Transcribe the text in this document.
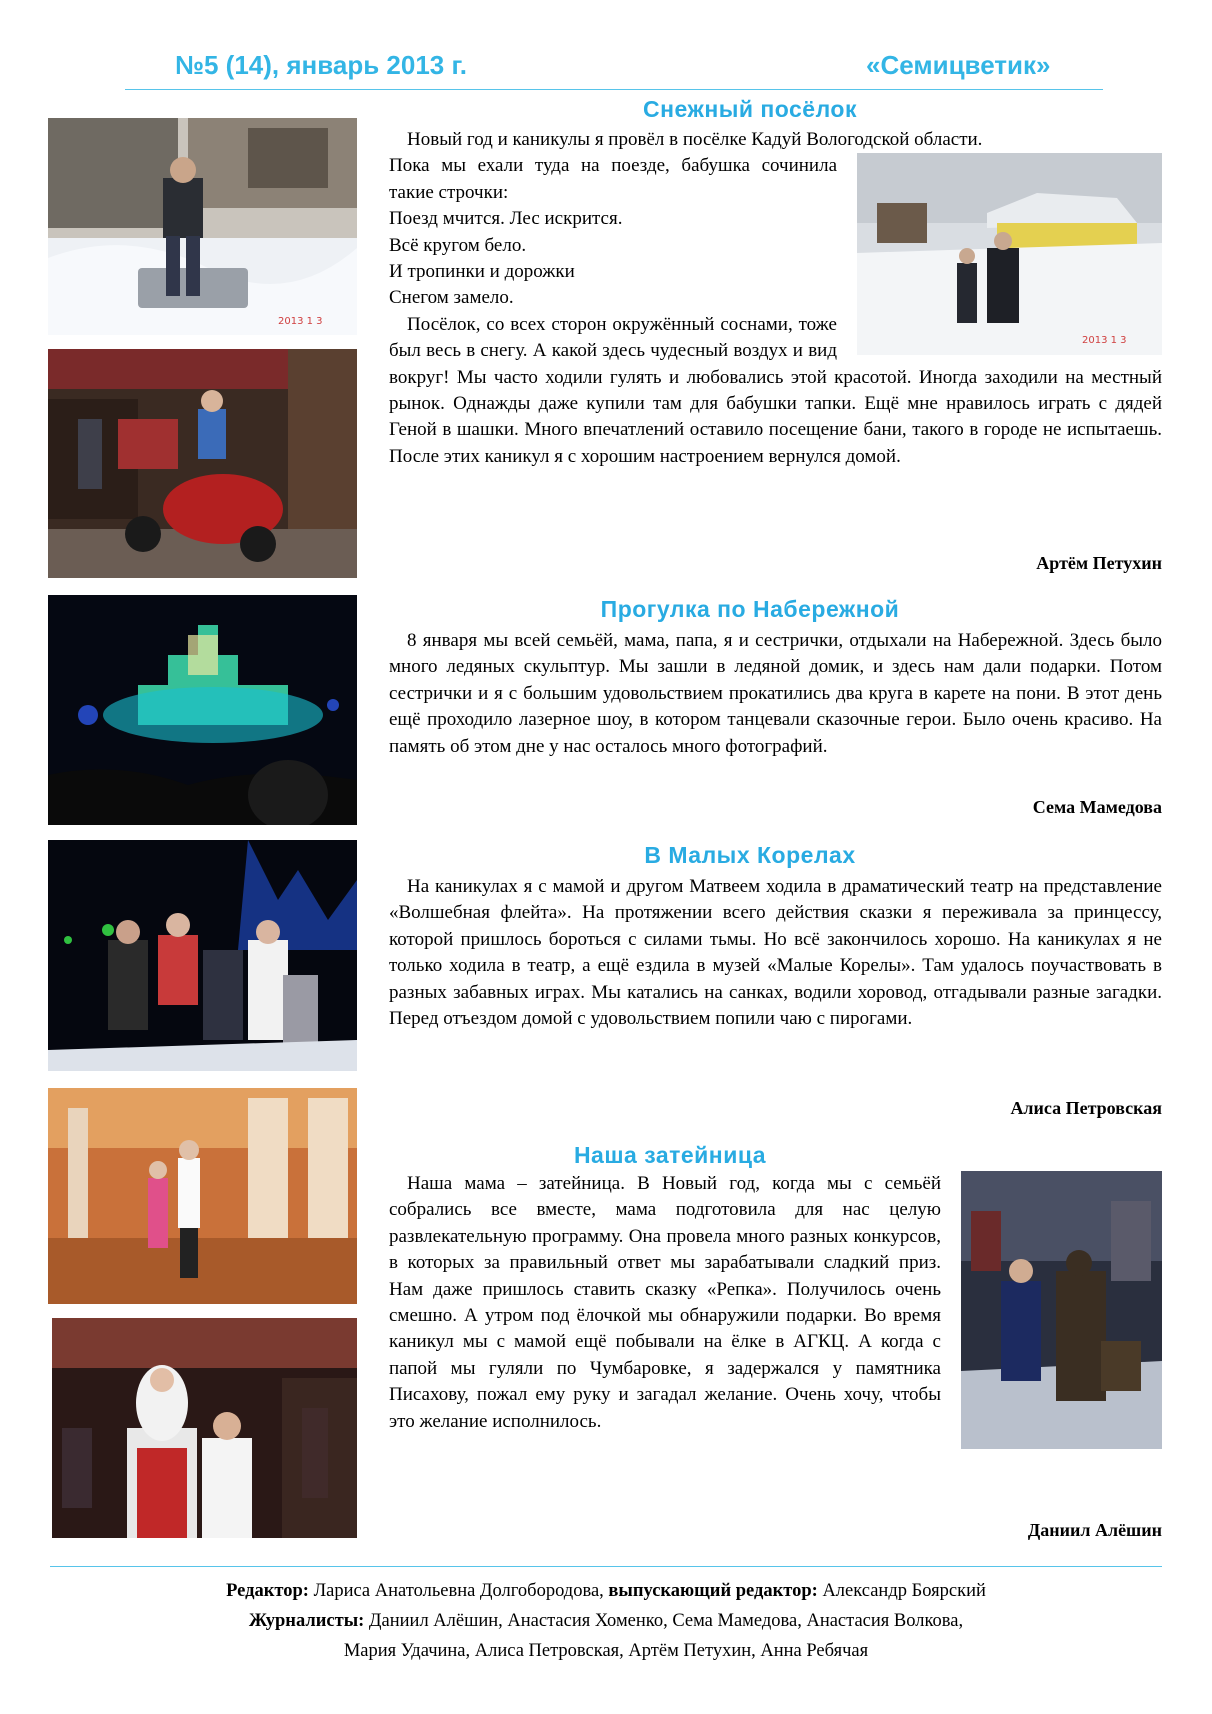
№5 (14), январь 2013 г.	«Семицветик»
2013 1 3
Снежный посёлок

Новый год и каникулы я провёл в посёлке Кадуй Вологодской области.

2013 1 3

Пока мы ехали туда на поезде, бабушка сочинила такие строчки:

Поезд мчится. Лес искрится.

Всё кругом бело.

И тропинки и дорожки

Снегом замело.

Посёлок, со всех сторон окружённый соснами, тоже был весь в снегу. А какой здесь чудесный воздух и вид вокруг! Мы часто ходили гулять и любовались этой красотой. Иногда заходили на местный рынок. Однажды даже купили там для бабушки тапки. Ещё мне нравилось играть с дядей Геной в шашки. Много впечатлений оставило посещение бани, такого в городе не испытаешь. После этих каникул я с хорошим настроением вернулся домой.

Артём Петухин
Прогулка по Набережной

8 января мы всей семьёй, мама, папа, я и сестрички, отдыхали на Набережной. Здесь было много ледяных скульптур. Мы зашли в ледяной домик, и здесь нам дали подарки. Потом сестрички и я с большим удовольствием прокатились два круга в карете на пони. В этот день ещё проходило лазерное шоу, в котором танцевали сказочные герои. Было очень красиво. На память об этом дне у нас осталось много фотографий.

Сема Мамедова
В Малых Корелах

На каникулах я с мамой и другом Матвеем ходила в драматический театр на представление «Волшебная флейта». На протяжении всего действия сказки я переживала за принцессу, которой пришлось бороться с силами тьмы. Но всё закончилось хорошо. На каникулах я не только ходила в театр, а ещё ездила в музей «Малые Корелы». Там удалось поучаствовать в разных забавных играх. Мы катались на санках, водили хоровод, отгадывали разные загадки. Перед отъездом домой с удовольствием попили чаю с пирогами.

Алиса Петровская
Наша затейница

Наша мама – затейница. В Новый год, когда мы с семьёй собрались все вместе, мама подготовила для нас целую развлекательную программу. Она провела много разных конкурсов, в которых за правильный ответ мы зарабатывали сладкий приз. Нам даже пришлось ставить сказку «Репка». Получилось очень смешно. А утром под ёлочкой мы обнаружили подарки. Во время каникул мы с мамой ещё побывали на ёлке в АГКЦ. А когда с папой мы гуляли по Чумбаровке, я задержался у памятника Писахову, пожал ему руку и загадал желание. Очень хочу, чтобы это желание исполнилось.

Даниил Алёшин
Редактор: Лариса Анатольевна Долгобородова, выпускающий редактор: Александр Боярский
Журналисты: Даниил Алёшин, Анастасия Хоменко, Сема Мамедова, Анастасия Волкова,
Мария Удачина, Алиса Петровская, Артём Петухин, Анна Ребячая
